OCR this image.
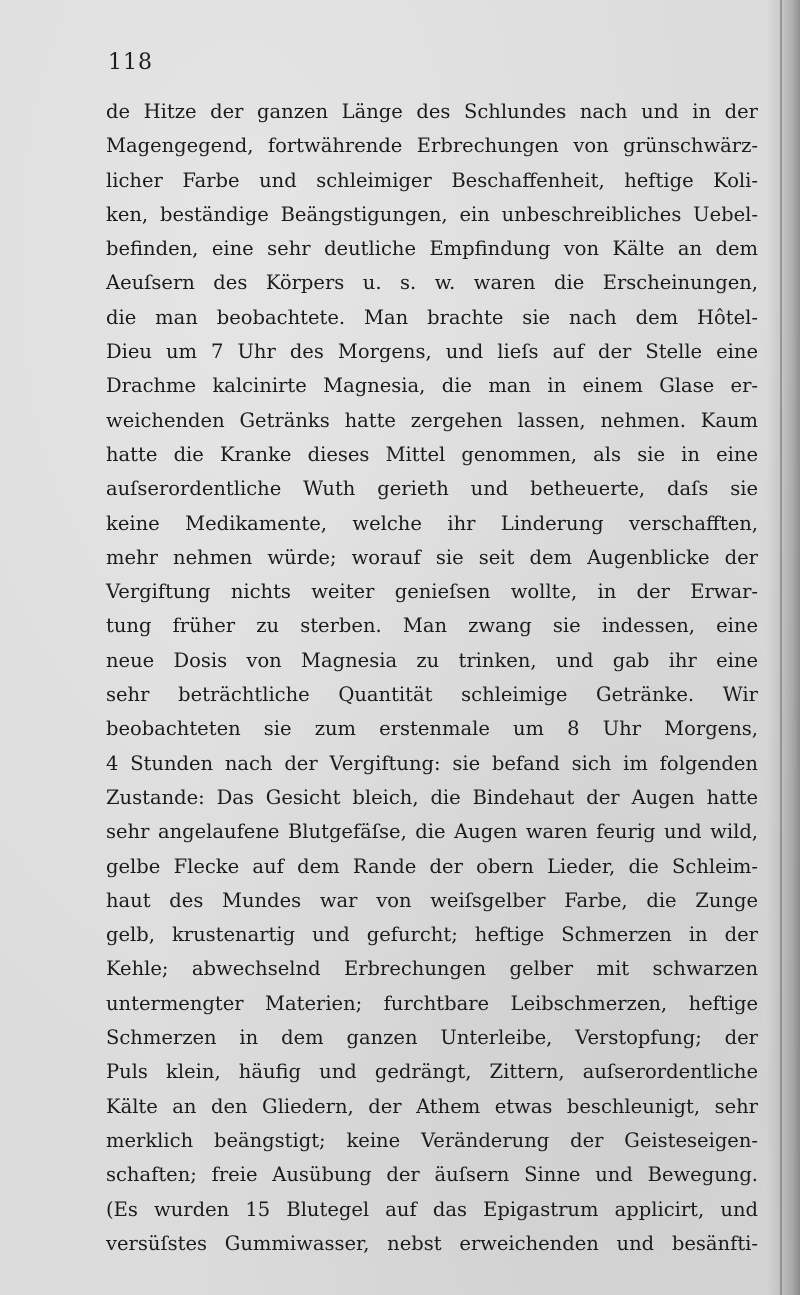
118
de Hitze der ganzen Länge des Schlundes nach und in der
Magengegend, fortwährende Erbrechungen von grünschwärz-
licher Farbe und schleimiger Beschaffenheit, heftige Koli-
ken, beständige Beängstigungen, ein unbeschreibliches Uebel-
befinden, eine sehr deutliche Empfindung von Kälte an dem
Aeuſsern des Körpers u. s. w. waren die Erscheinungen,
die man beobachtete. Man brachte sie nach dem Hôtel-
Dieu um 7 Uhr des Morgens, und lieſs auf der Stelle eine
Drachme kalcinirte Magnesia, die man in einem Glase er-
weichenden Getränks hatte zergehen lassen, nehmen. Kaum
hatte die Kranke dieses Mittel genommen, als sie in eine
auſserordentliche Wuth gerieth und betheuerte, daſs sie
keine Medikamente, welche ihr Linderung verschafften,
mehr nehmen würde; worauf sie seit dem Augenblicke der
Vergiftung nichts weiter genieſsen wollte, in der Erwar-
tung früher zu sterben. Man zwang sie indessen, eine
neue Dosis von Magnesia zu trinken, und gab ihr eine
sehr beträchtliche Quantität schleimige Getränke. Wir
beobachteten sie zum erstenmale um 8 Uhr Morgens,
4 Stunden nach der Vergiftung: sie befand sich im folgenden
Zustande: Das Gesicht bleich, die Bindehaut der Augen hatte
sehr angelaufene Blutgefäſse, die Augen waren feurig und wild,
gelbe Flecke auf dem Rande der obern Lieder, die Schleim-
haut des Mundes war von weiſsgelber Farbe, die Zunge
gelb, krustenartig und gefurcht; heftige Schmerzen in der
Kehle; abwechselnd Erbrechungen gelber mit schwarzen
untermengter Materien; furchtbare Leibschmerzen, heftige
Schmerzen in dem ganzen Unterleibe, Verstopfung; der
Puls klein, häufig und gedrängt, Zittern, auſserordentliche
Kälte an den Gliedern, der Athem etwas beschleunigt, sehr
merklich beängstigt; keine Veränderung der Geisteseigen-
schaften; freie Ausübung der äuſsern Sinne und Bewegung.
(Es wurden 15 Blutegel auf das Epigastrum applicirt, und
versüſstes Gummiwasser, nebst erweichenden und besänfti-
